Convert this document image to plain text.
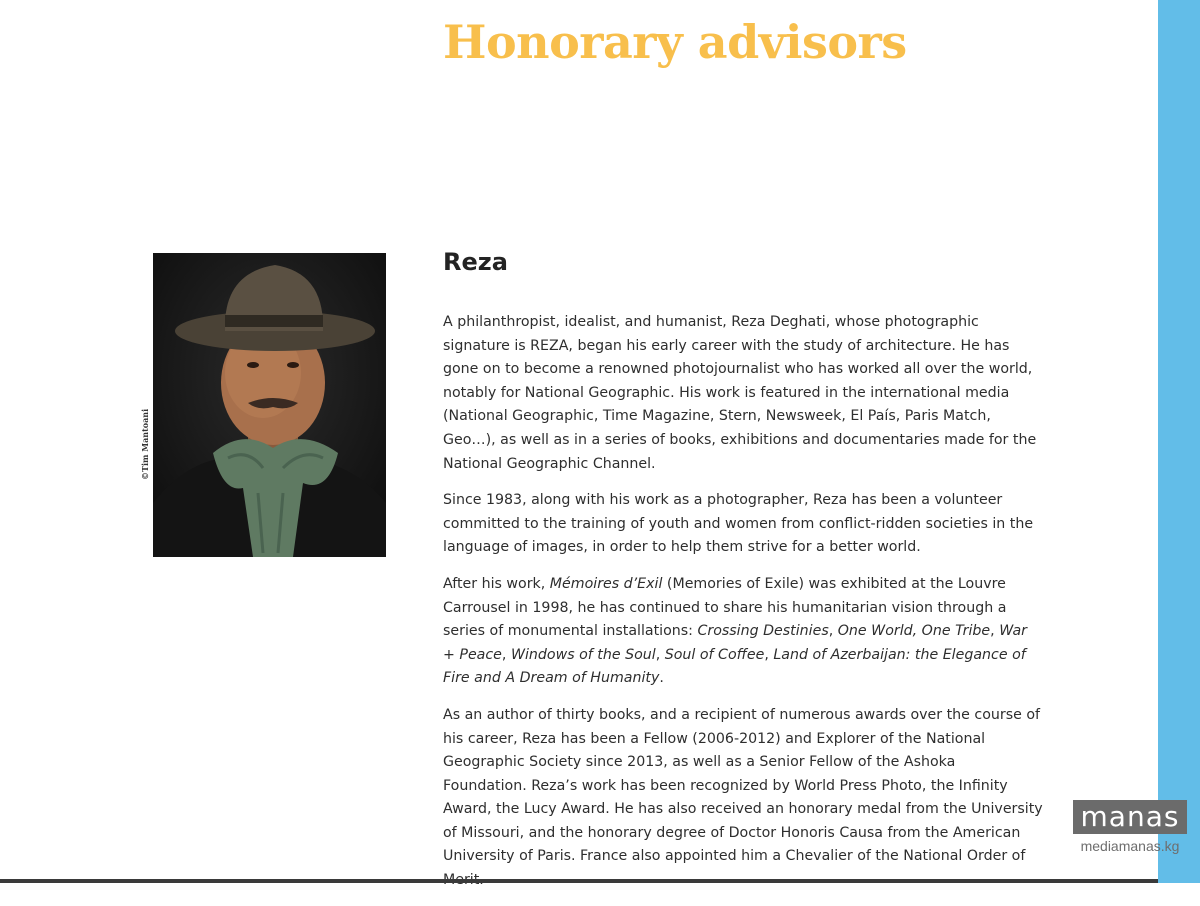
Honorary advisors
©Tim Mantoani
Reza

A philanthropist, idealist, and humanist, Reza Deghati, whose photographic signature is REZA, began his early career with the study of architecture. He has gone on to become a renowned photojournalist who has worked all over the world, notably for National Geographic. His work is featured in the international media (National Geographic, Time Magazine, Stern, Newsweek, El País, Paris Match, Geo…), as well as in a series of books, exhibitions and documentaries made for the National Geographic Channel.

Since 1983, along with his work as a photographer, Reza has been a volunteer committed to the training of youth and women from conflict-ridden societies in the language of images, in order to help them strive for a better world.

After his work, Mémoires d’Exil (Memories of Exile) was exhibited at the Louvre Carrousel in 1998, he has continued to share his humanitarian vision through a series of monumental installations: Crossing Destinies, One World, One Tribe, War + Peace, Windows of the Soul, Soul of Coffee, Land of Azerbaijan: the Elegance of Fire and A Dream of Humanity.

As an author of thirty books, and a recipient of numerous awards over the course of his career, Reza has been a Fellow (2006-2012) and Explorer of the National Geographic Society since 2013, as well as a Senior Fellow of the Ashoka Foundation. Reza’s work has been recognized by World Press Photo, the Infinity Award, the Lucy Award. He has also received an honorary medal from the University of Missouri, and the honorary degree of Doctor Honoris Causa from the American University of Paris. France also appointed him a Chevalier of the National Order of

manas
mediamanas.kg
